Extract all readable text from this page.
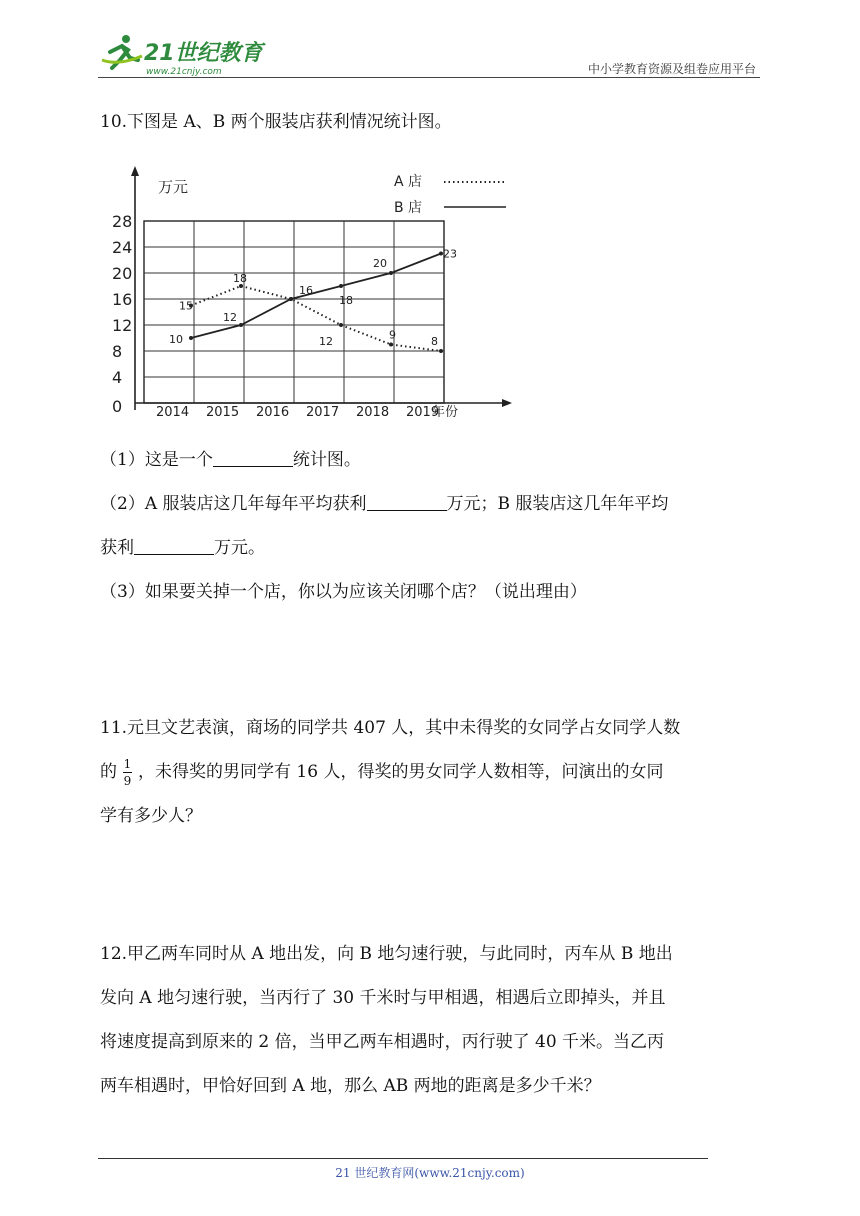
21世纪教育
www.21cnjy.com	中小学教育资源及组卷应用平台
10.下图是 A、B 两个服装店获利情况统计图。
0
4
8
12
16
20
24
28
2014 2015 2016 2017 2018 2019
万元
年份
A 店
B 店
15
18
16
12	9	8
10
12
18
20
23
（1）这是一个	统计图。
（2）A 服装店这几年每年平均获利	万元；B 服装店这几年年平均
获利	万元。
（3）如果要关掉一个店，你以为应该关闭哪个店？（说出理由）
11.元旦文艺表演，商场的同学共 407 人，其中未得奖的女同学占女同学人数
的 $\frac{1}{9}$ ，未得奖的男同学有 16 人，得奖的男女同学人数相等，问演出的女同
学有多少人？
12.甲乙两车同时从 A 地出发，向 B 地匀速行驶，与此同时，丙车从 B 地出
发向 A 地匀速行驶，当丙行了 30 千米时与甲相遇，相遇后立即掉头，并且
将速度提高到原来的 2 倍，当甲乙两车相遇时，丙行驶了 40 千米。当乙丙
两车相遇时，甲恰好回到 A 地，那么 AB 两地的距离是多少千米？
21 世纪教育网(www.21cnjy.com)
